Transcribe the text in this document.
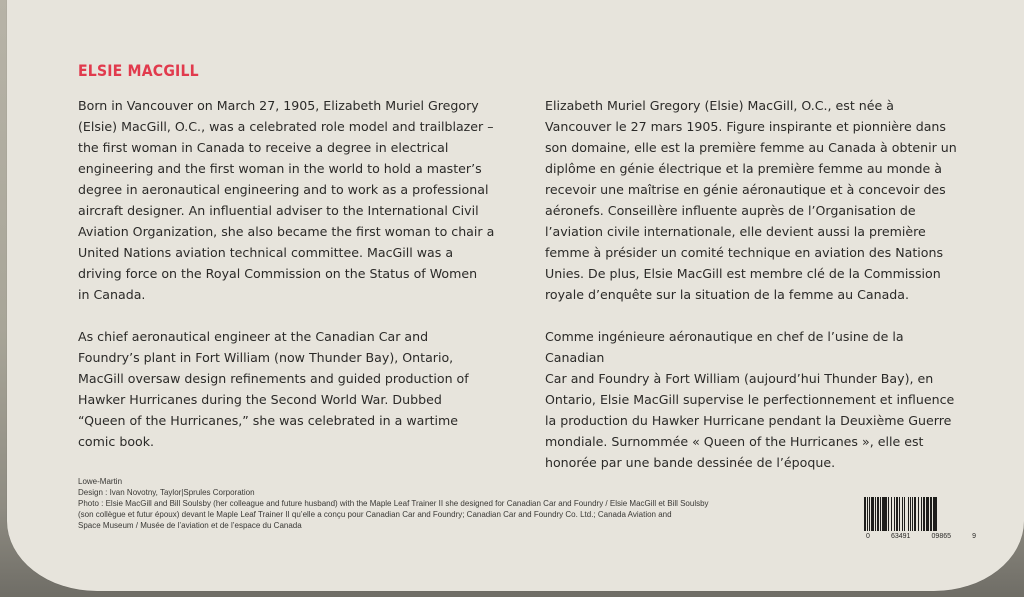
ELSIE MACGILL

Born in Vancouver on March 27, 1905, Elizabeth Muriel Gregory
(Elsie) MacGill, O.C., was a celebrated role model and trailblazer –
the first woman in Canada to receive a degree in electrical
engineering and the first woman in the world to hold a master’s
degree in aeronautical engineering and to work as a professional
aircraft designer. An influential adviser to the International Civil
Aviation Organization, she also became the first woman to chair a
United Nations aviation technical committee. MacGill was a
driving force on the Royal Commission on the Status of Women
in Canada.

As chief aeronautical engineer at the Canadian Car and
Foundry’s plant in Fort William (now Thunder Bay), Ontario,
MacGill oversaw design refinements and guided production of
Hawker Hurricanes during the Second World War. Dubbed
“Queen of the Hurricanes,” she was celebrated in a wartime
comic book.

Elizabeth Muriel Gregory (Elsie) MacGill, O.C., est née à
Vancouver le 27 mars 1905. Figure inspirante et pionnière dans
son domaine, elle est la première femme au Canada à obtenir un
diplôme en génie électrique et la première femme au monde à
recevoir une maîtrise en génie aéronautique et à concevoir des
aéronefs. Conseillère influente auprès de l’Organisation de
l’aviation civile internationale, elle devient aussi la première
femme à présider un comité technique en aviation des Nations
Unies. De plus, Elsie MacGill est membre clé de la Commission
royale d’enquête sur la situation de la femme au Canada.

Comme ingénieure aéronautique en chef de l’usine de la Canadian
Car and Foundry à Fort William (aujourd’hui Thunder Bay), en
Ontario, Elsie MacGill supervise le perfectionnement et influence
la production du Hawker Hurricane pendant la Deuxième Guerre
mondiale. Surnommée « Queen of the Hurricanes », elle est
honorée par une bande dessinée de l’époque.

Lowe-Martin
Design : Ivan Novotny, Taylor|Sprules Corporation
Photo : Elsie MacGill and Bill Soulsby (her colleague and future husband) with the Maple Leaf Trainer II she designed for Canadian Car and Foundry / Elsie MacGill et Bill Soulsby
(son collègue et futur époux) devant le Maple Leaf Trainer II qu’elle a conçu pour Canadian Car and Foundry; Canadian Car and Foundry Co. Ltd.; Canada Aviation and
Space Museum / Musée de l’aviation et de l’espace du Canada
0	63491	09865	9
